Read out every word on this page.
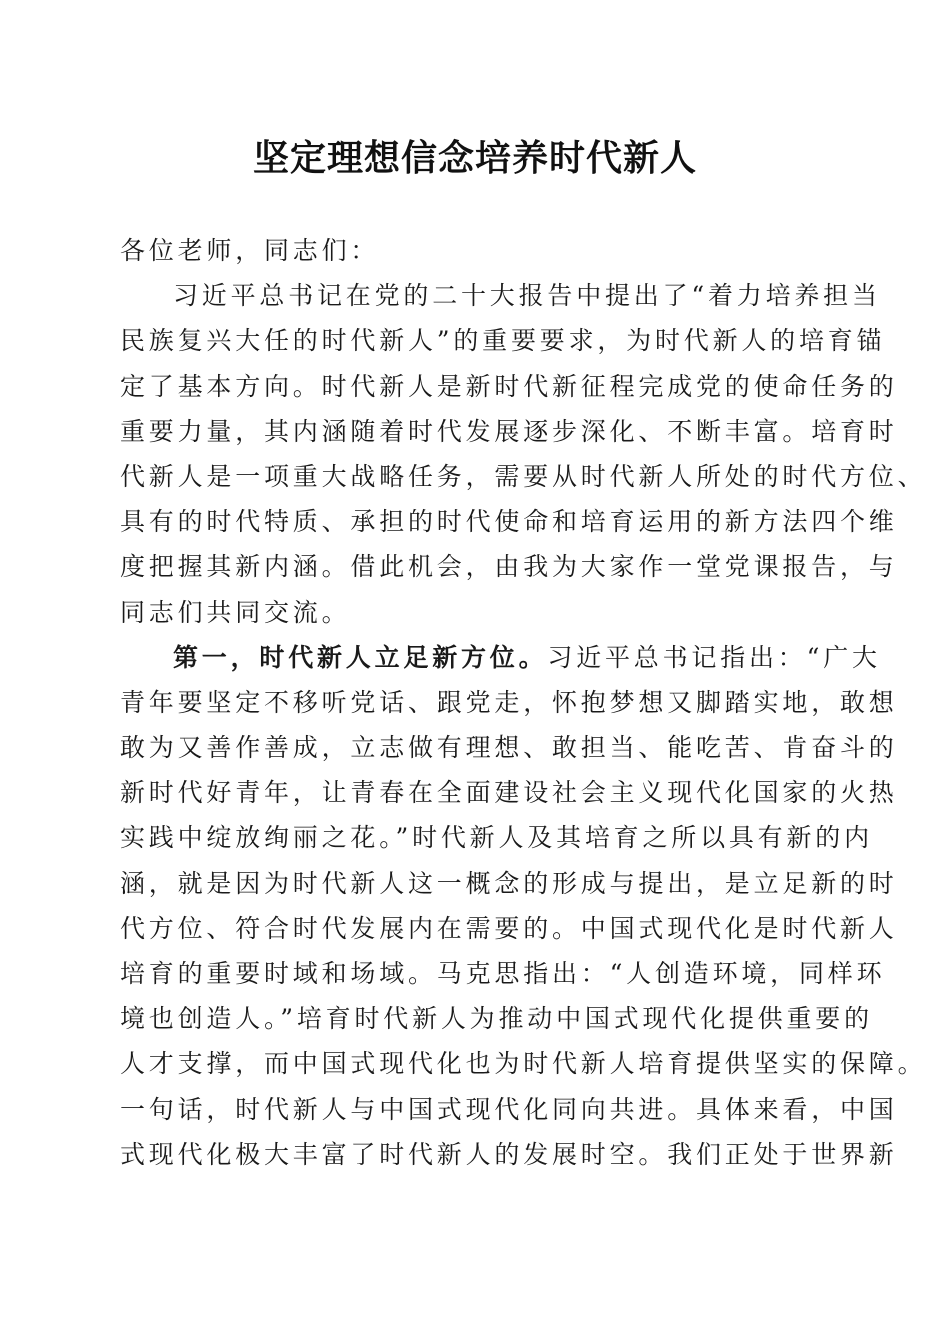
坚定理想信念培养时代新人
各位老师，同志们：
习近平总书记在党的二十大报告中提出了“着力培养担当
民族复兴大任的时代新人”的重要要求，为时代新人的培育锚
定了基本方向。时代新人是新时代新征程完成党的使命任务的
重要力量，其内涵随着时代发展逐步深化、不断丰富。培育时
代新人是一项重大战略任务，需要从时代新人所处的时代方位、
具有的时代特质、承担的时代使命和培育运用的新方法四个维
度把握其新内涵。借此机会，由我为大家作一堂党课报告，与
同志们共同交流。
第一，时代新人立足新方位。习近平总书记指出：“广大
青年要坚定不移听党话、跟党走，怀抱梦想又脚踏实地，敢想
敢为又善作善成，立志做有理想、敢担当、能吃苦、肯奋斗的
新时代好青年，让青春在全面建设社会主义现代化国家的火热
实践中绽放绚丽之花。”时代新人及其培育之所以具有新的内
涵，就是因为时代新人这一概念的形成与提出，是立足新的时
代方位、符合时代发展内在需要的。中国式现代化是时代新人
培育的重要时域和场域。马克思指出：“人创造环境，同样环
境也创造人。”培育时代新人为推动中国式现代化提供重要的
人才支撑，而中国式现代化也为时代新人培育提供坚实的保障。
一句话，时代新人与中国式现代化同向共进。具体来看，中国
式现代化极大丰富了时代新人的发展时空。我们正处于世界新
